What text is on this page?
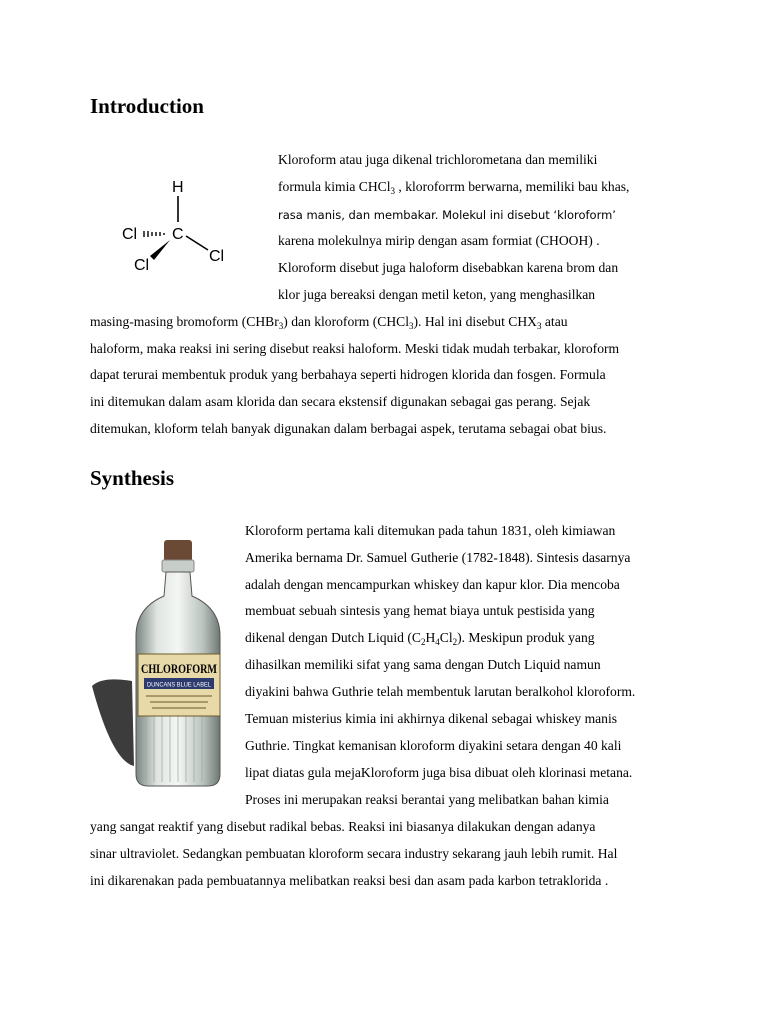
Introduction
H
C
Cl
Cl
Cl
Kloroform atau juga dikenal trichlorometana dan memiliki
formula kimia CHCl$_3$ , kloroforrm berwarna, memiliki bau khas,
rasa manis, dan membakar. Molekul ini disebut ‘kloroform’
karena molekulnya mirip dengan asam formiat (CHOOH) .
Kloroform disebut juga haloform disebabkan karena brom dan
klor juga bereaksi dengan metil keton, yang menghasilkan
masing-masing bromoform (CHBr$_3$) dan kloroform (CHCl$_3$). Hal ini disebut $CHX_3$ atau
haloform, maka reaksi ini sering disebut reaksi haloform. Meski tidak mudah terbakar, kloroform
dapat terurai membentuk produk yang berbahaya seperti hidrogen klorida dan fosgen. Formula
ini ditemukan dalam asam klorida dan secara ekstensif digunakan sebagai gas perang. Sejak
ditemukan, kloform telah banyak digunakan dalam berbagai aspek, terutama sebagai obat bius.
Synthesis
CHLOROFORM
DUNCANS BLUE LABEL
Kloroform pertama kali ditemukan pada tahun 1831, oleh kimiawan
Amerika bernama Dr. Samuel Gutherie (1782-1848). Sintesis dasarnya
adalah dengan mencampurkan whiskey dan kapur klor. Dia mencoba
membuat sebuah sintesis yang hemat biaya untuk pestisida yang
dikenal dengan Dutch Liquid $(C_2H_4Cl_2)$. Meskipun produk yang
dihasilkan memiliki sifat yang sama dengan Dutch Liquid namun
diyakini bahwa Guthrie telah membentuk larutan beralkohol kloroform.
Temuan misterius kimia ini akhirnya dikenal sebagai whiskey manis
Guthrie. Tingkat kemanisan kloroform diyakini setara dengan 40 kali
lipat diatas gula mejaKloroform juga bisa dibuat oleh klorinasi metana.
Proses ini merupakan reaksi berantai yang melibatkan bahan kimia
yang sangat reaktif yang disebut radikal bebas. Reaksi ini biasanya dilakukan dengan adanya
sinar ultraviolet. Sedangkan pembuatan kloroform secara industry sekarang jauh lebih rumit. Hal
ini dikarenakan pada pembuatannya melibatkan reaksi besi dan asam pada karbon tetraklorida .
